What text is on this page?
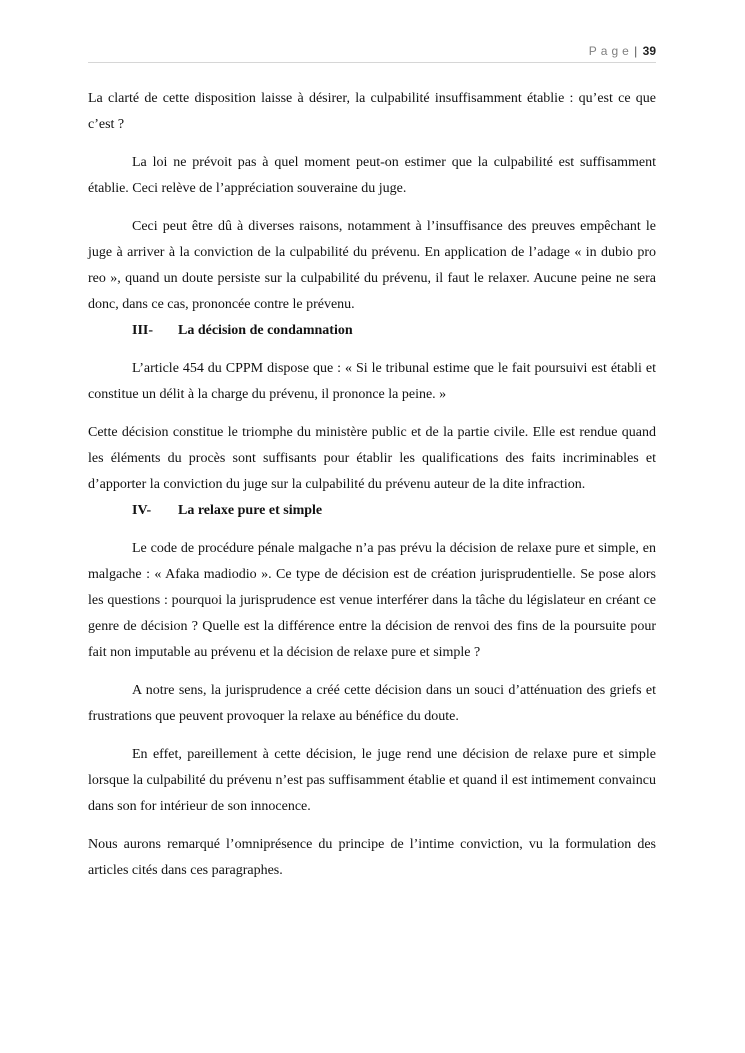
Page | 39

La clarté de cette disposition laisse à désirer, la culpabilité insuffisamment établie : qu’est ce que c’est ?

La loi ne prévoit pas à quel moment peut-on estimer que la culpabilité est suffisamment établie. Ceci relève de l’appréciation souveraine du juge.

Ceci peut être dû à diverses raisons, notamment à l’insuffisance des preuves empêchant le juge à arriver à la conviction de la culpabilité du prévenu. En application de l’adage « in dubio pro reo », quand un doute persiste sur la culpabilité du prévenu, il faut le relaxer. Aucune peine ne sera donc, dans ce cas, prononcée contre le prévenu.

III- La décision de condamnation

L’article 454 du CPPM dispose que : « Si le tribunal estime que le fait poursuivi est établi et constitue un délit à la charge du prévenu, il prononce la peine. »

Cette décision constitue le triomphe du ministère public et de la partie civile. Elle est rendue quand les éléments du procès sont suffisants pour établir les qualifications des faits incriminables et d’apporter la conviction du juge sur la culpabilité du prévenu auteur de la dite infraction.

IV- La relaxe pure et simple

Le code de procédure pénale malgache n’a pas prévu la décision de relaxe pure et simple, en malgache : « Afaka madiodio ». Ce type de décision est de création jurisprudentielle. Se pose alors les questions : pourquoi la jurisprudence est venue interférer dans la tâche du législateur en créant ce genre de décision ? Quelle est la différence entre la décision de renvoi des fins de la poursuite pour fait non imputable au prévenu et la décision de relaxe pure et simple ?

A notre sens, la jurisprudence a créé cette décision dans un souci d’atténuation des griefs et frustrations que peuvent provoquer la relaxe au bénéfice du doute.

En effet, pareillement à cette décision, le juge rend une décision de relaxe pure et simple lorsque la culpabilité du prévenu n’est pas suffisamment établie et quand il est intimement convaincu dans son for intérieur de son innocence.

Nous aurons remarqué l’omniprésence du principe de l’intime conviction, vu la formulation des articles cités dans ces paragraphes.
